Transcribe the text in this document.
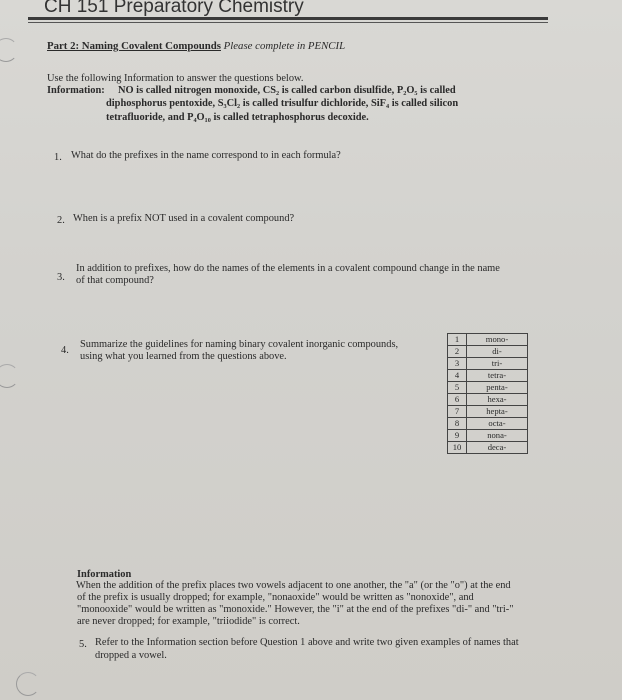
CH 151 Preparatory Chemistry
Part 2: Naming Covalent Compounds Please complete in PENCIL
Use the following Information to answer the questions below.
Information: NO is called nitrogen monoxide, CS₂ is called carbon disulfide, P₂O₅ is called
diphosphorus pentoxide, S₃Cl₂ is called trisulfur dichloride, SiF₄ is called silicon
tetrafluoride, and P₄O₁₀ is called tetraphosphorus decoxide.
1. What do the prefixes in the name correspond to in each formula?
2. When is a prefix NOT used in a covalent compound?
3.
In addition to prefixes, how do the names of the elements in a covalent compound change in the name
of that compound?
4.
Summarize the guidelines for naming binary covalent inorganic compounds,
using what you learned from the questions above.
1	mono-
2	di-
3	tri-
4	tetra-
5	penta-
6	hexa-
7	hepta-
8	octa-
9	nona-
10	deca-
Information
When the addition of the prefix places two vowels adjacent to one another, the "a" (or the "o") at the end
of the prefix is usually dropped; for example, "nonaoxide" would be written as "nonoxide", and
"monooxide" would be written as "monoxide." However, the "i" at the end of the prefixes "di-" and "tri-"
are never dropped; for example, "triiodide" is correct.
5. Refer to the Information section before Question 1 above and write two given examples of names that
dropped a vowel.
